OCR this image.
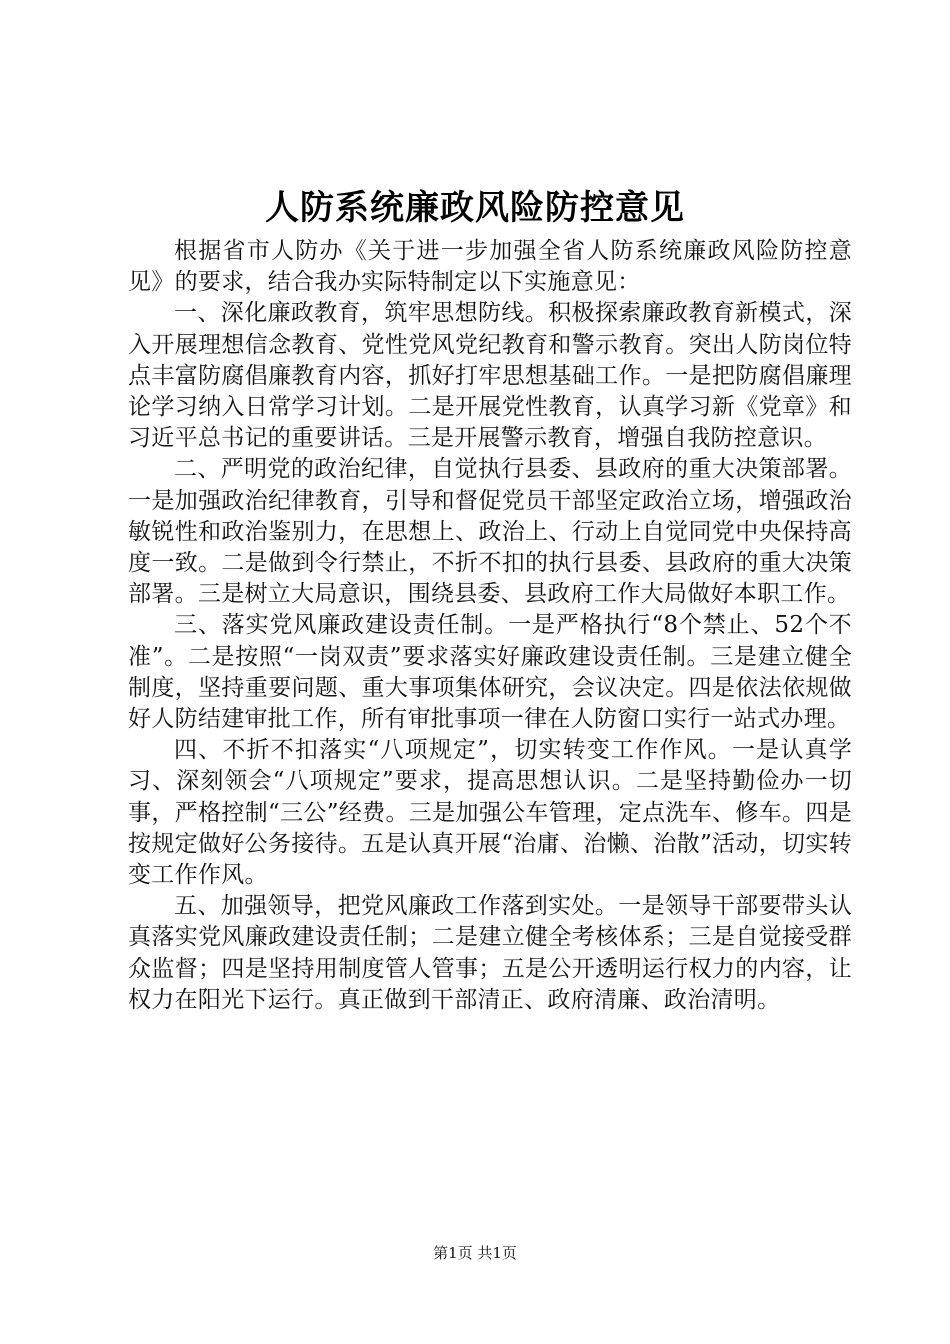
人防系统廉政风险防控意见

根据省市人防办《关于进一步加强全省人防系统廉政风险防控意见》的要求，结合我办实际特制定以下实施意见：

一、深化廉政教育，筑牢思想防线。积极探索廉政教育新模式，深入开展理想信念教育、党性党风党纪教育和警示教育。突出人防岗位特点丰富防腐倡廉教育内容，抓好打牢思想基础工作。一是把防腐倡廉理论学习纳入日常学习计划。二是开展党性教育，认真学习新《党章》和习近平总书记的重要讲话。三是开展警示教育，增强自我防控意识。

二、严明党的政治纪律，自觉执行县委、县政府的重大决策部署。一是加强政治纪律教育，引导和督促党员干部坚定政治立场，增强政治敏锐性和政治鉴别力，在思想上、政治上、行动上自觉同党中央保持高度一致。二是做到令行禁止，不折不扣的执行县委、县政府的重大决策部署。三是树立大局意识，围绕县委、县政府工作大局做好本职工作。

三、落实党风廉政建设责任制。一是严格执行“8个禁止、52个不准”。二是按照“一岗双责”要求落实好廉政建设责任制。三是建立健全制度，坚持重要问题、重大事项集体研究，会议决定。四是依法依规做好人防结建审批工作，所有审批事项一律在人防窗口实行一站式办理。

四、不折不扣落实“八项规定”，切实转变工作作风。一是认真学习、深刻领会“八项规定”要求，提高思想认识。二是坚持勤俭办一切事，严格控制“三公”经费。三是加强公车管理，定点洗车、修车。四是按规定做好公务接待。五是认真开展“治庸、治懒、治散”活动，切实转变工作作风。

五、加强领导，把党风廉政工作落到实处。一是领导干部要带头认真落实党风廉政建设责任制；二是建立健全考核体系；三是自觉接受群众监督；四是坚持用制度管人管事；五是公开透明运行权力的内容，让权力在阳光下运行。真正做到干部清正、政府清廉、政治清明。

第1页 共1页
